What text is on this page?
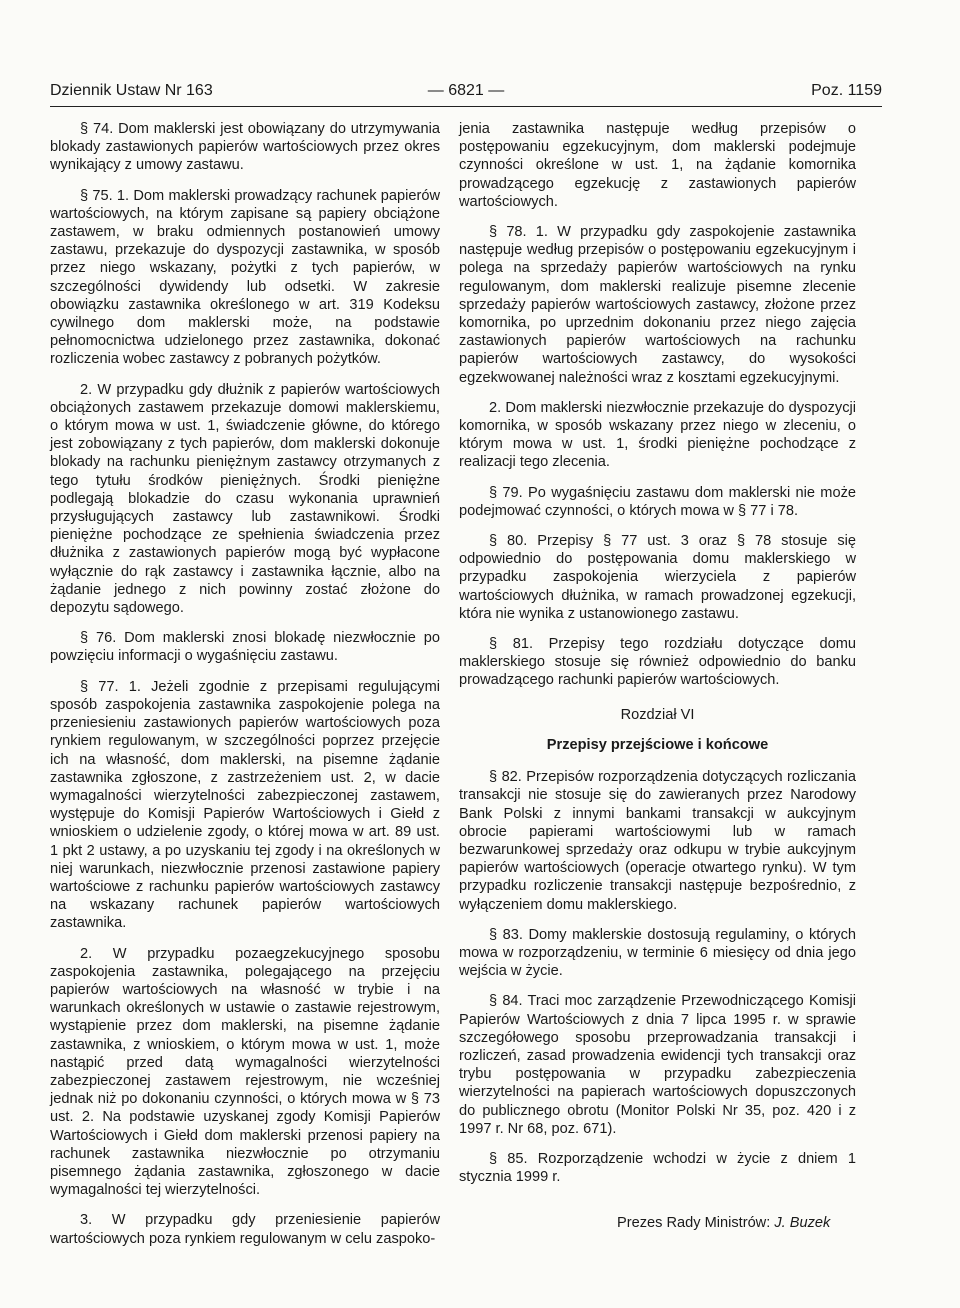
Dziennik Ustaw Nr 163	— 6821 —	Poz. 1159

§ 74. Dom maklerski jest obowiązany do utrzymywania blokady zastawionych papierów wartościowych przez okres wynikający z umowy zastawu.

§ 75. 1. Dom maklerski prowadzący rachunek papierów wartościowych, na którym zapisane są papiery obciążone zastawem, w braku odmiennych postanowień umowy zastawu, przekazuje do dyspozycji zastawnika, w sposób przez niego wskazany, pożytki z tych papierów, w szczególności dywidendy lub odsetki. W zakresie obowiązku zastawnika określonego w art. 319 Kodeksu cywilnego dom maklerski może, na podstawie pełnomocnictwa udzielonego przez zastawnika, dokonać rozliczenia wobec zastawcy z pobranych pożytków.

2. W przypadku gdy dłużnik z papierów wartościowych obciążonych zastawem przekazuje domowi maklerskiemu, o którym mowa w ust. 1, świadczenie główne, do którego jest zobowiązany z tych papierów, dom maklerski dokonuje blokady na rachunku pieniężnym zastawcy otrzymanych z tego tytułu środków pieniężnych. Środki pieniężne podlegają blokadzie do czasu wykonania uprawnień przysługujących zastawcy lub zastawnikowi. Środki pieniężne pochodzące ze spełnienia świadczenia przez dłużnika z zastawionych papierów mogą być wypłacone wyłącznie do rąk zastawcy i zastawnika łącznie, albo na żądanie jednego z nich powinny zostać złożone do depozytu sądowego.

§ 76. Dom maklerski znosi blokadę niezwłocznie po powzięciu informacji o wygaśnięciu zastawu.

§ 77. 1. Jeżeli zgodnie z przepisami regulującymi sposób zaspokojenia zastawnika zaspokojenie polega na przeniesieniu zastawionych papierów wartościowych poza rynkiem regulowanym, w szczególności poprzez przejęcie ich na własność, dom maklerski, na pisemne żądanie zastawnika zgłoszone, z zastrzeżeniem ust. 2, w dacie wymagalności wierzytelności zabezpieczonej zastawem, występuje do Komisji Papierów Wartościowych i Giełd z wnioskiem o udzielenie zgody, o której mowa w art. 89 ust. 1 pkt 2 ustawy, a po uzyskaniu tej zgody i na określonych w niej warunkach, niezwłocznie przenosi zastawione papiery wartościowe z rachunku papierów wartościowych zastawcy na wskazany rachunek papierów wartościowych zastawnika.

2. W przypadku pozaegzekucyjnego sposobu zaspokojenia zastawnika, polegającego na przejęciu papierów wartościowych na własność w trybie i na warunkach określonych w ustawie o zastawie rejestrowym, wystąpienie przez dom maklerski, na pisemne żądanie zastawnika, z wnioskiem, o którym mowa w ust. 1, może nastąpić przed datą wymagalności wierzytelności zabezpieczonej zastawem rejestrowym, nie wcześniej jednak niż po dokonaniu czynności, o których mowa w § 73 ust. 2. Na podstawie uzyskanej zgody Komisji Papierów Wartościowych i Giełd dom maklerski przenosi papiery na rachunek zastawnika niezwłocznie po otrzymaniu pisemnego żądania zastawnika, zgłoszonego w dacie wymagalności tej wierzytelności.

3. W przypadku gdy przeniesienie papierów wartościowych poza rynkiem regulowanym w celu zaspoko-

jenia zastawnika następuje według przepisów o postępowaniu egzekucyjnym, dom maklerski podejmuje czynności określone w ust. 1, na żądanie komornika prowadzącego egzekucję z zastawionych papierów wartościowych.

§ 78. 1. W przypadku gdy zaspokojenie zastawnika następuje według przepisów o postępowaniu egzekucyjnym i polega na sprzedaży papierów wartościowych na rynku regulowanym, dom maklerski realizuje pisemne zlecenie sprzedaży papierów wartościowych zastawcy, złożone przez komornika, po uprzednim dokonaniu przez niego zajęcia zastawionych papierów wartościowych na rachunku papierów wartościowych zastawcy, do wysokości egzekwowanej należności wraz z kosztami egzekucyjnymi.

2. Dom maklerski niezwłocznie przekazuje do dyspozycji komornika, w sposób wskazany przez niego w zleceniu, o którym mowa w ust. 1, środki pieniężne pochodzące z realizacji tego zlecenia.

§ 79. Po wygaśnięciu zastawu dom maklerski nie może podejmować czynności, o których mowa w § 77 i 78.

§ 80. Przepisy § 77 ust. 3 oraz § 78 stosuje się odpowiednio do postępowania domu maklerskiego w przypadku zaspokojenia wierzyciela z papierów wartościowych dłużnika, w ramach prowadzonej egzekucji, która nie wynika z ustanowionego zastawu.

§ 81. Przepisy tego rozdziału dotyczące domu maklerskiego stosuje się również odpowiednio do banku prowadzącego rachunki papierów wartościowych.

Rozdział VI

Przepisy przejściowe i końcowe

§ 82. Przepisów rozporządzenia dotyczących rozliczania transakcji nie stosuje się do zawieranych przez Narodowy Bank Polski z innymi bankami transakcji w aukcyjnym obrocie papierami wartościowymi lub w ramach bezwarunkowej sprzedaży oraz odkupu w trybie aukcyjnym papierów wartościowych (operacje otwartego rynku). W tym przypadku rozliczenie transakcji następuje bezpośrednio, z wyłączeniem domu maklerskiego.

§ 83. Domy maklerskie dostosują regulaminy, o których mowa w rozporządzeniu, w terminie 6 miesięcy od dnia jego wejścia w życie.

§ 84. Traci moc zarządzenie Przewodniczącego Komisji Papierów Wartościowych z dnia 7 lipca 1995 r. w sprawie szczegółowego sposobu przeprowadzania transakcji i rozliczeń, zasad prowadzenia ewidencji tych transakcji oraz trybu postępowania w przypadku zabezpieczenia wierzytelności na papierach wartościowych dopuszczonych do publicznego obrotu (Monitor Polski Nr 35, poz. 420 i z 1997 r. Nr 68, poz. 671).

§ 85. Rozporządzenie wchodzi w życie z dniem 1 stycznia 1999 r.

Prezes Rady Ministrów: J. Buzek
